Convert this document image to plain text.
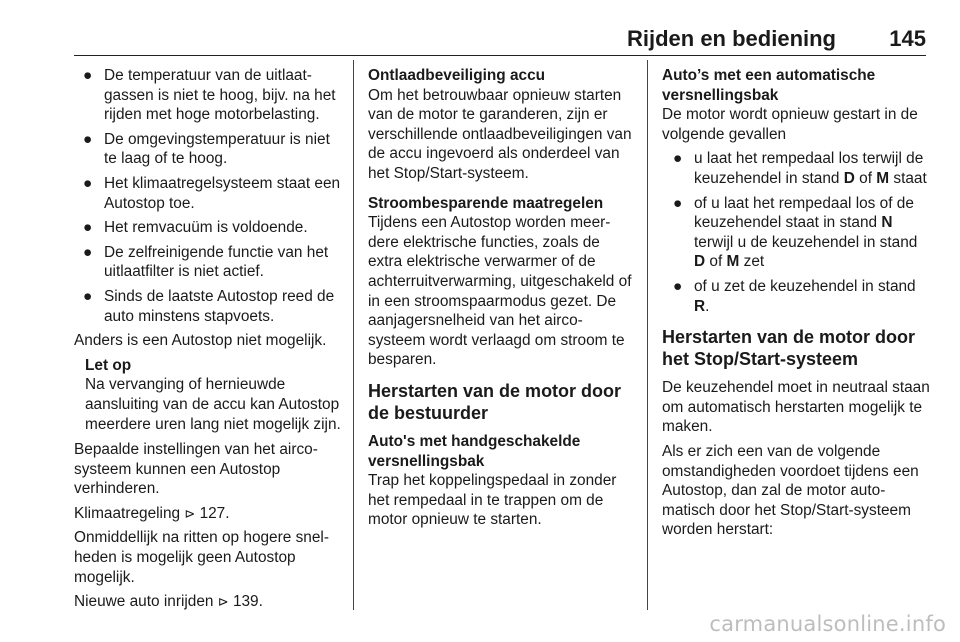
Rijden en bediening 145
● De temperatuur van de uitlaatgassen is niet te hoog, bijv. na het rijden met hoge motorbelasting.
● De omgevingstemperatuur is niet te laag of te hoog.
● Het klimaatregelsysteem staat een Autostop toe.
● Het remvacuüm is voldoende.
● De zelfreinigende functie van het uitlaatfilter is niet actief.
● Sinds de laatste Autostop reed de auto minstens stapvoets.

Anders is een Autostop niet mogelijk.

Let op
Na vervanging of hernieuwde aansluiting van de accu kan Autostop meerdere uren lang niet mogelijk zijn.

Bepaalde instellingen van het aircosysteem kunnen een Autostop verhinderen.

Klimaatregeling ⊳ 127.

Onmiddellijk na ritten op hogere snelheden is mogelijk geen Autostop mogelijk.

Nieuwe auto inrijden ⊳ 139.

Ontlaadbeveiliging accu

Om het betrouwbaar opnieuw starten van de motor te garanderen, zijn er verschillende ontlaadbeveiligingen van de accu ingevoerd als onderdeel van het Stop/Start-systeem.

Stroombesparende maatregelen

Tijdens een Autostop worden meerdere elektrische functies, zoals de extra elektrische verwarmer of de achterruitverwarming, uitgeschakeld of in een stroomspaarmodus gezet. De aanjagersnelheid van het aircosysteem wordt verlaagd om stroom te besparen.

Herstarten van de motor door de bestuurder

Auto's met handgeschakelde versnellingsbak

Trap het koppelingspedaal in zonder het rempedaal in te trappen om de motor opnieuw te starten.

Auto’s met een automatische versnellingsbak

De motor wordt opnieuw gestart in de volgende gevallen

● u laat het rempedaal los terwijl de keuzehendel in stand D of M staat
● of u laat het rempedaal los of de keuzehendel staat in stand N terwijl u de keuzehendel in stand D of M zet
● of u zet de keuzehendel in stand R.
Herstarten van de motor door het Stop/Start-systeem

De keuzehendel moet in neutraal staan om automatisch herstarten mogelijk te maken.

Als er zich een van de volgende omstandigheden voordoet tijdens een Autostop, dan zal de motor automatisch door het Stop/Start-systeem worden herstart:

carmanualsonline.info
